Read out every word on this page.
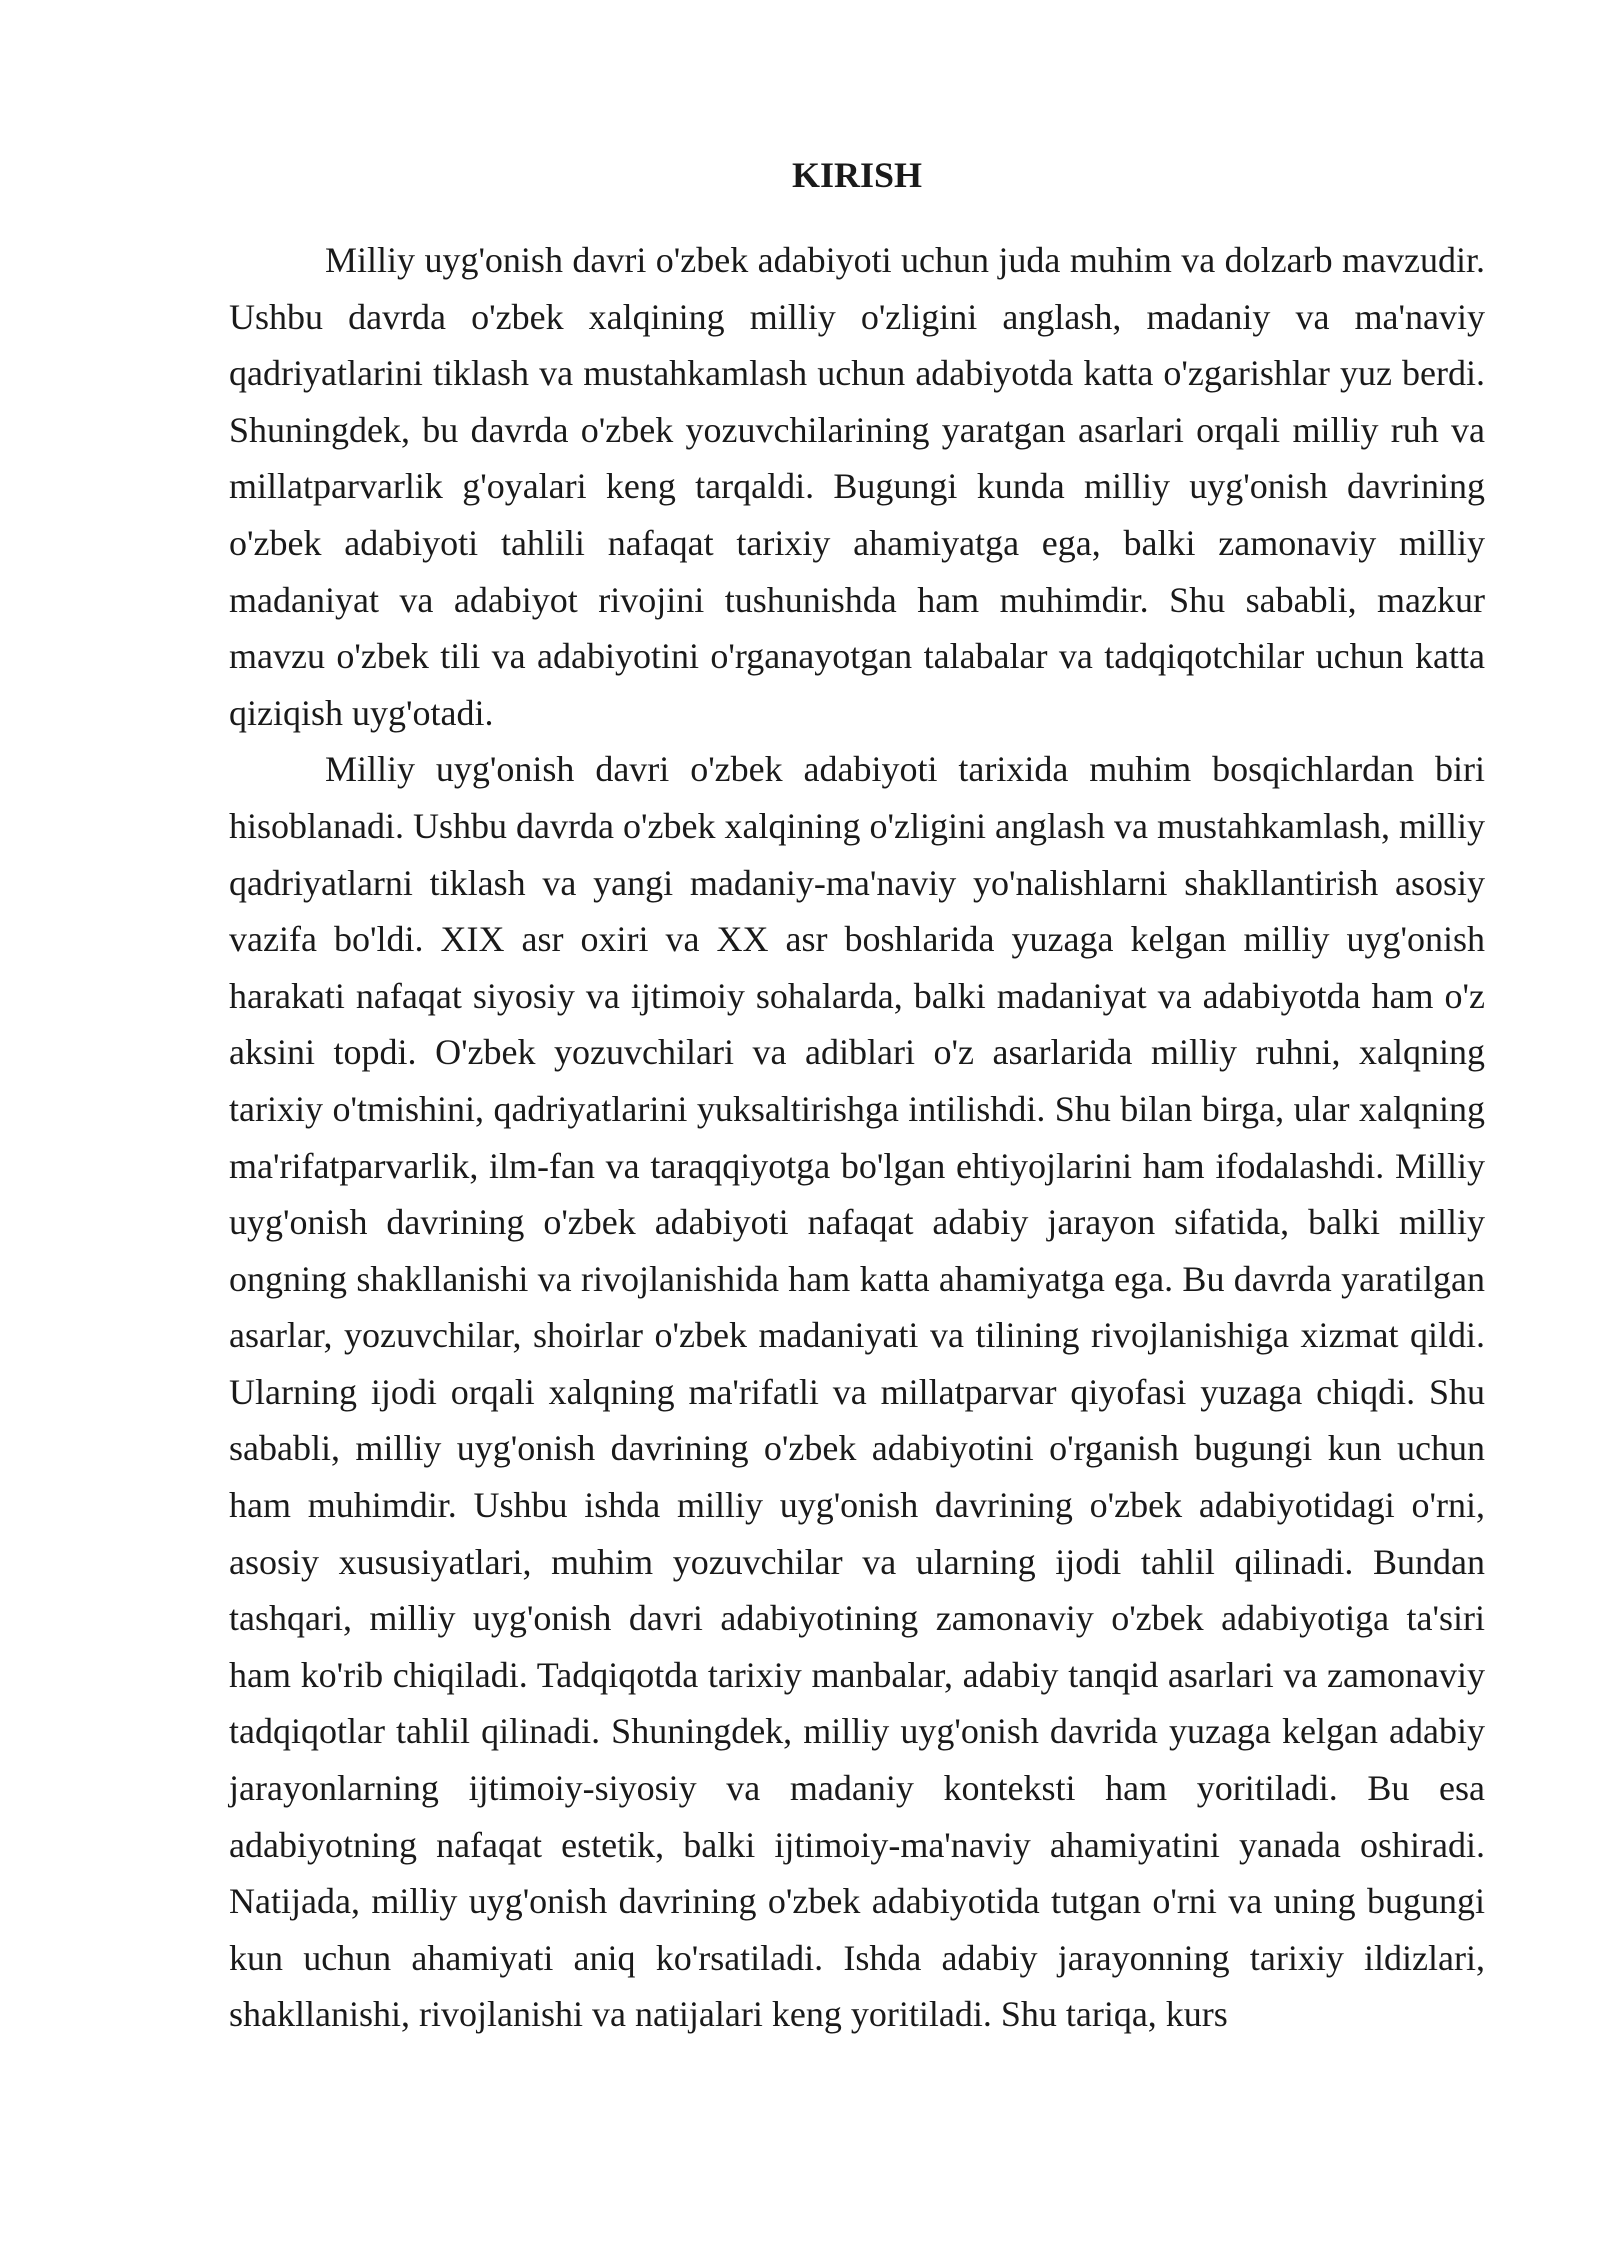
KIRISH

Milliy uyg'onish davri o'zbek adabiyoti uchun juda muhim va dolzarb mavzudir. Ushbu davrda o'zbek xalqining milliy o'zligini anglash, madaniy va ma'naviy qadriyatlarini tiklash va mustahkamlash uchun adabiyotda katta o'zgarishlar yuz berdi. Shuningdek, bu davrda o'zbek yozuvchilarining yaratgan asarlari orqali milliy ruh va millatparvarlik g'oyalari keng tarqaldi. Bugungi kunda milliy uyg'onish davrining o'zbek adabiyoti tahlili nafaqat tarixiy ahamiyatga ega, balki zamonaviy milliy madaniyat va adabiyot rivojini tushunishda ham muhimdir. Shu sababli, mazkur mavzu o'zbek tili va adabiyotini o'rganayotgan talabalar va tadqiqotchilar uchun katta qiziqish uyg'otadi.

Milliy uyg'onish davri o'zbek adabiyoti tarixida muhim bosqichlardan biri hisoblanadi. Ushbu davrda o'zbek xalqining o'zligini anglash va mustahkamlash, milliy qadriyatlarni tiklash va yangi madaniy-ma'naviy yo'nalishlarni shakllantirish asosiy vazifa bo'ldi. XIX asr oxiri va XX asr boshlarida yuzaga kelgan milliy uyg'onish harakati nafaqat siyosiy va ijtimoiy sohalarda, balki madaniyat va adabiyotda ham o'z aksini topdi. O'zbek yozuvchilari va adiblari o'z asarlarida milliy ruhni, xalqning tarixiy o'tmishini, qadriyatlarini yuksaltirishga intilishdi. Shu bilan birga, ular xalqning ma'rifatparvarlik, ilm-fan va taraqqiyotga bo'lgan ehtiyojlarini ham ifodalashdi. Milliy uyg'onish davrining o'zbek adabiyoti nafaqat adabiy jarayon sifatida, balki milliy ongning shakllanishi va rivojlanishida ham katta ahamiyatga ega. Bu davrda yaratilgan asarlar, yozuvchilar, shoirlar o'zbek madaniyati va tilining rivojlanishiga xizmat qildi. Ularning ijodi orqali xalqning ma'rifatli va millatparvar qiyofasi yuzaga chiqdi. Shu sababli, milliy uyg'onish davrining o'zbek adabiyotini o'rganish bugungi kun uchun ham muhimdir. Ushbu ishda milliy uyg'onish davrining o'zbek adabiyotidagi o'rni, asosiy xususiyatlari, muhim yozuvchilar va ularning ijodi tahlil qilinadi. Bundan tashqari, milliy uyg'onish davri adabiyotining zamonaviy o'zbek adabiyotiga ta'siri ham ko'rib chiqiladi. Tadqiqotda tarixiy manbalar, adabiy tanqid asarlari va zamonaviy tadqiqotlar tahlil qilinadi. Shuningdek, milliy uyg'onish davrida yuzaga kelgan adabiy jarayonlarning ijtimoiy-siyosiy va madaniy konteksti ham yoritiladi. Bu esa adabiyotning nafaqat estetik, balki ijtimoiy-ma'naviy ahamiyatini yanada oshiradi. Natijada, milliy uyg'onish davrining o'zbek adabiyotida tutgan o'rni va uning bugungi kun uchun ahamiyati aniq ko'rsatiladi. Ishda adabiy jarayonning tarixiy ildizlari, shakllanishi, rivojlanishi va natijalari keng yoritiladi. Shu tariqa, kurs
